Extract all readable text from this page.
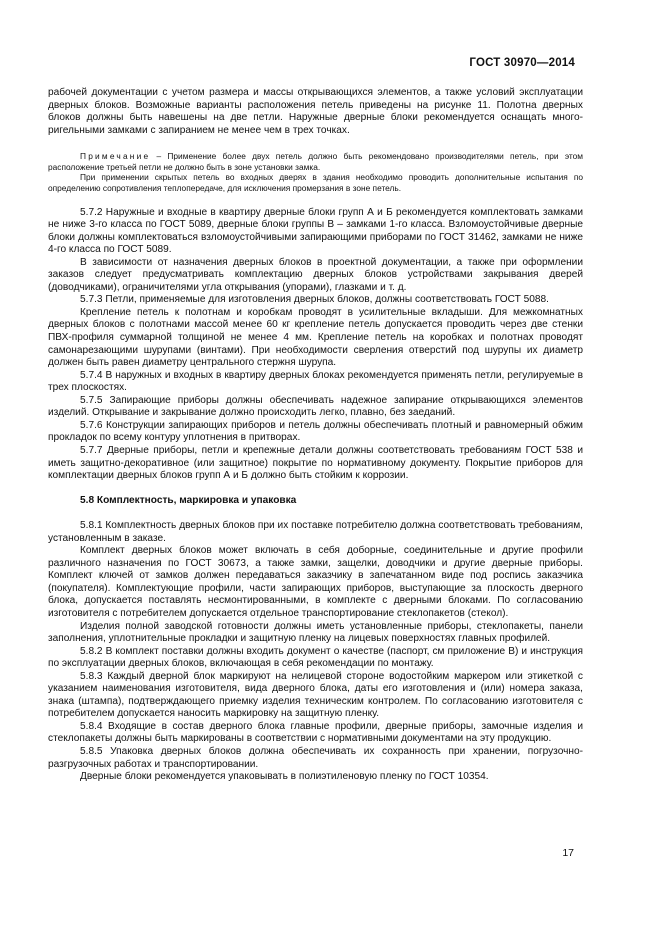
ГОСТ 30970—2014

рабочей документации с учетом размера и массы открывающихся элементов, а также условий эксплуатации дверных блоков. Возможные варианты расположения петель приведены на рисунке 11. Полотна дверных блоков должны быть навешены на две петли. Наружные дверные блоки рекомендуется оснащать много-ригельными замками с запиранием не менее чем в трех точках.

Примечание – Применение более двух петель должно быть рекомендовано производителями петель, при этом расположение третьей петли не должно быть в зоне установки замка.

При применении скрытых петель во входных дверях в здания необходимо проводить дополнительные испытания по определению сопротивления теплопередаче, для исключения промерзания в зоне петель.

5.7.2 Наружные и входные в квартиру дверные блоки групп А и Б рекомендуется комплектовать замками не ниже 3-го класса по ГОСТ 5089, дверные блоки группы В – замками 1-го класса. Взломоустойчивые дверные блоки должны комплектоваться взломоустойчивыми запирающими приборами по ГОСТ 31462, замками не ниже 4-го класса по ГОСТ 5089.

В зависимости от назначения дверных блоков в проектной документации, а также при оформлении заказов следует предусматривать комплектацию дверных блоков устройствами закрывания дверей (доводчиками), ограничителями угла открывания (упорами), глазками и т. д.

5.7.3 Петли, применяемые для изготовления дверных блоков, должны соответствовать ГОСТ 5088.

Крепление петель к полотнам и коробкам проводят в усилительные вкладыши. Для межкомнатных дверных блоков с полотнами массой менее 60 кг крепление петель допускается проводить через две стенки ПВХ-профиля суммарной толщиной не менее 4 мм. Крепление петель на коробках и полотнах проводят самонарезающими шурупами (винтами). При необходимости сверления отверстий под шурупы их диаметр должен быть равен диаметру центрального стержня шурупа.

5.7.4 В наружных и входных в квартиру дверных блоках рекомендуется применять петли, регулируемые в трех плоскостях.

5.7.5 Запирающие приборы должны обеспечивать надежное запирание открывающихся элементов изделий. Открывание и закрывание должно происходить легко, плавно, без заеданий.

5.7.6 Конструкции запирающих приборов и петель должны обеспечивать плотный и равномерный обжим прокладок по всему контуру уплотнения в притворах.

5.7.7 Дверные приборы, петли и крепежные детали должны соответствовать требованиям ГОСТ 538 и иметь защитно-декоративное (или защитное) покрытие по нормативному документу. Покрытие приборов для комплектации дверных блоков групп А и Б должно быть стойким к коррозии.

5.8 Комплектность, маркировка и упаковка

5.8.1 Комплектность дверных блоков при их поставке потребителю должна соответствовать требованиям, установленным в заказе.

Комплект дверных блоков может включать в себя доборные, соединительные и другие профили различного назначения по ГОСТ 30673, а также замки, защелки, доводчики и другие дверные приборы. Комплект ключей от замков должен передаваться заказчику в запечатанном виде под роспись заказчика (покупателя). Комплектующие профили, части запирающих приборов, выступающие за плоскость дверного блока, допускается поставлять несмонтированными, в комплекте с дверными блоками. По согласованию изготовителя с потребителем допускается отдельное транспортирование стеклопакетов (стекол).

Изделия полной заводской готовности должны иметь установленные приборы, стеклопакеты, панели заполнения, уплотнительные прокладки и защитную пленку на лицевых поверхностях главных профилей.

5.8.2 В комплект поставки должны входить документ о качестве (паспорт, см приложение В) и инструкция по эксплуатации дверных блоков, включающая в себя рекомендации по монтажу.

5.8.3 Каждый дверной блок маркируют на нелицевой стороне водостойким маркером или этикеткой с указанием наименования изготовителя, вида дверного блока, даты его изготовления и (или) номера заказа, знака (штампа), подтверждающего приемку изделия техническим контролем. По согласованию изготовителя с потребителем допускается наносить маркировку на защитную пленку.

5.8.4 Входящие в состав дверного блока главные профили, дверные приборы, замочные изделия и стеклопакеты должны быть маркированы в соответствии с нормативными документами на эту продукцию.

5.8.5 Упаковка дверных блоков должна обеспечивать их сохранность при хранении, погрузочно-разгрузочных работах и транспортировании.

Дверные блоки рекомендуется упаковывать в полиэтиленовую пленку по ГОСТ 10354.

17
